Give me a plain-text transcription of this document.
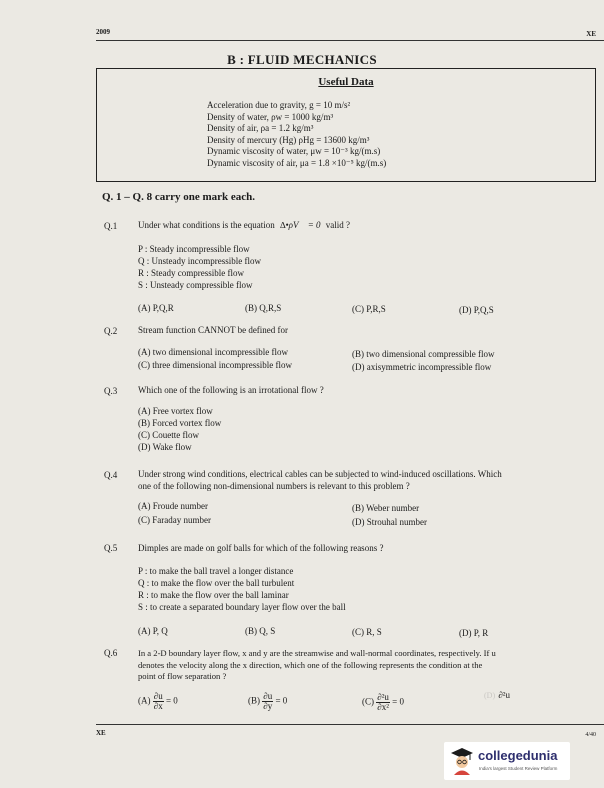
2009	XE
B : FLUID MECHANICS
Useful Data
Acceleration due to gravity, g = 10 m/s²
Density of water, ρw = 1000 kg/m³
Density of air, ρa = 1.2 kg/m³
Density of mercury (Hg) ρHg = 13600 kg/m³
Dynamic viscosity of water, μw = 10⁻³ kg/(m.s)
Dynamic viscosity of air, μa = 1.8 ×10⁻⁵ kg/(m.s)
Q. 1 – Q. 8 carry one mark each.
Q.1 Under what conditions is the equation ∆•ρV⃗ = 0 valid ?
P : Steady incompressible flow
Q : Unsteady incompressible flow
R : Steady compressible flow
S : Unsteady compressible flow
(A) P,Q,R	(B) Q,R,S	(C) P,R,S	(D) P,Q,S
Q.2 Stream function CANNOT be defined for
(A) two dimensional incompressible flow	(B) two dimensional compressible flow
(C) three dimensional incompressible flow	(D) axisymmetric incompressible flow
Q.3 Which one of the following is an irrotational flow ?
(A) Free vortex flow
(B) Forced vortex flow
(C) Couette flow
(D) Wake flow
Q.4 Under strong wind conditions, electrical cables can be subjected to wind-induced oscillations. Which
one of the following non-dimensional numbers is relevant to this problem ?
(A) Froude number	(B) Weber number
(C) Faraday number	(D) Strouhal number
Q.5 Dimples are made on golf balls for which of the following reasons ?
P : to make the ball travel a longer distance
Q : to make the flow over the ball turbulent
R : to make the flow over the ball laminar
S : to create a separated boundary layer flow over the ball
(A) P, Q	(B) Q, S	(C) R, S	(D) P, R
Q.6 In a 2-D boundary layer flow, x and y are the streamwise and wall-normal coordinates, respectively. If u
denotes the velocity along the x direction, which one of the following represents the condition at the
point of flow separation ?
$(A) \frac{\partial u}{\partial x} = 0$	$(B) \frac{\partial u}{\partial y} = 0$	$(C) \frac{\text{∂²u}}{\text{∂x²}} = 0$
(D) ∂²u
XE	4/40
collegedunia
India's largest Student Review Platform
